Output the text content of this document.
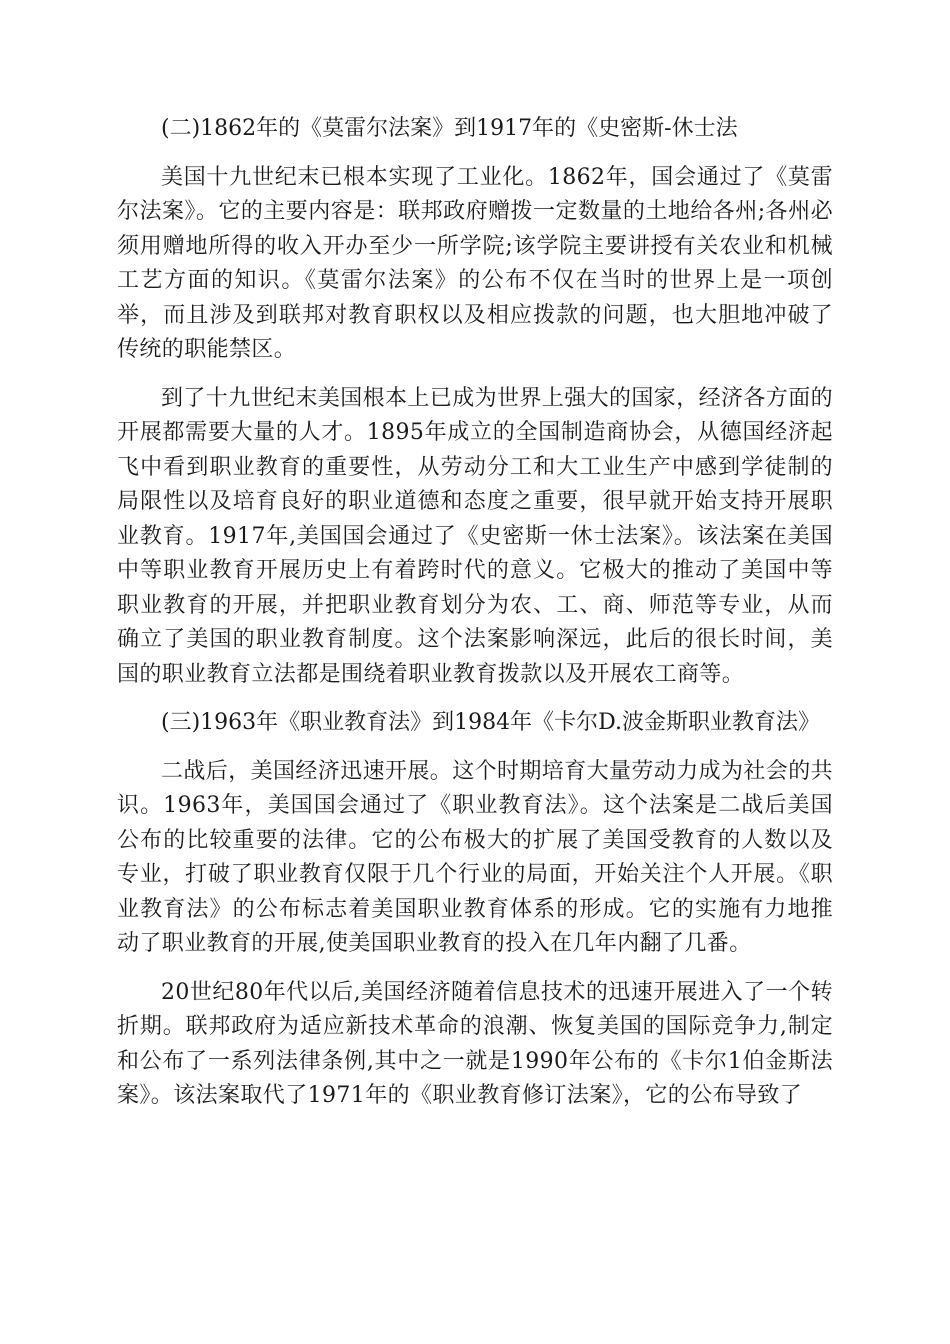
(二)1862年的《莫雷尔法案》到1917年的《史密斯-休士法

美国十九世纪末已根本实现了工业化。1862年，国会通过了《莫雷尔法案》。它的主要内容是：联邦政府赠拨一定数量的土地给各州;各州必须用赠地所得的收入开办至少一所学院;该学院主要讲授有关农业和机械工艺方面的知识。《莫雷尔法案》的公布不仅在当时的世界上是一项创举，而且涉及到联邦对教育职权以及相应拨款的问题，也大胆地冲破了传统的职能禁区。

到了十九世纪末美国根本上已成为世界上强大的国家，经济各方面的开展都需要大量的人才。1895年成立的全国制造商协会，从德国经济起飞中看到职业教育的重要性，从劳动分工和大工业生产中感到学徒制的局限性以及培育良好的职业道德和态度之重要，很早就开始支持开展职业教育。1917年,美国国会通过了《史密斯一休士法案》。该法案在美国中等职业教育开展历史上有着跨时代的意义。它极大的推动了美国中等职业教育的开展，并把职业教育划分为农、工、商、师范等专业，从而确立了美国的职业教育制度。这个法案影响深远，此后的很长时间，美国的职业教育立法都是围绕着职业教育拨款以及开展农工商等。

(三)1963年《职业教育法》到1984年《卡尔D.波金斯职业教育法》

二战后，美国经济迅速开展。这个时期培育大量劳动力成为社会的共识。1963年，美国国会通过了《职业教育法》。这个法案是二战后美国公布的比较重要的法律。它的公布极大的扩展了美国受教育的人数以及专业，打破了职业教育仅限于几个行业的局面，开始关注个人开展。《职业教育法》的公布标志着美国职业教育体系的形成。它的实施有力地推动了职业教育的开展,使美国职业教育的投入在几年内翻了几番。

20世纪80年代以后,美国经济随着信息技术的迅速开展进入了一个转折期。联邦政府为适应新技术革命的浪潮、恢复美国的国际竞争力,制定和公布了一系列法律条例,其中之一就是1990年公布的《卡尔1伯金斯法案》。该法案取代了1971年的《职业教育修订法案》，它的公布导致了
